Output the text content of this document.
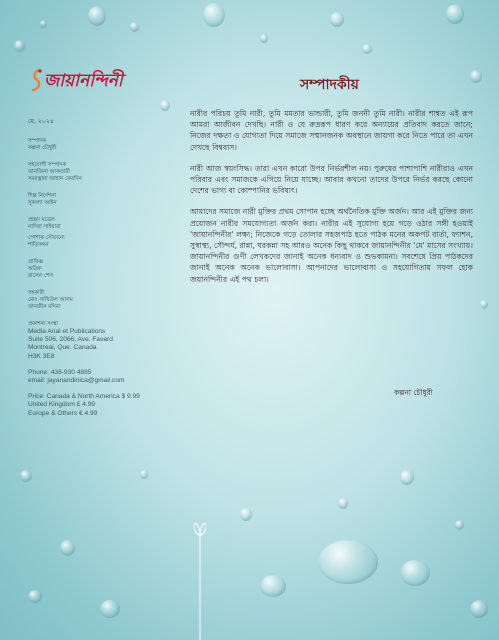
জায়ানন্দিনী
মে, ২০২৪
সম্পাদক
কল্পনা চৌধুরী
সহযোগী সম্পাদক
তানজিনা আকতারী
সবরত্নারা জাহান ফেরদিন
শিল্প নির্দেশনা
সুকল্যা আইন
প্রচ্ছদ মডেল
নাদিরা সাইয়ারা
পোশাক সৌজন্যে
শাড়িকথন
গ্রাফিক্স
অদ্রিক
রাসেল শেখ
সহকারী
মোঃ সাখিউল আলম
তানজীন মদিনা
প্রকাশনা সংস্থা
Media Arial et Publications
Suite 506, 2066, Ave. Favard
Montreal, Que. Canada
H3K 3E8
Phone: 438-930 4885
email: jayanandinica@gmail.com
Price: Canada & North America $ 9.99
United Kingdom £ 4.99
Europe & Others € 4.99
সম্পাদকীয়

নারীর পরিচয় তুমি নারী, তুমি মমতার ভান্ডারী, তুমি জননী তুমি নারী। নারীর শাশ্বত এই রূপ আমরা আজীবন দেখছি। নারী ও যে রুদ্ররূপ ধারণ করে অন্যায়ের প্রতিবাদ করতে জানে; নিজের দক্ষতা ও যোগ্যতা দিয়ে সমাজে সম্মানজনক অবস্থানে জায়গা করে নিতে পারে তা এখন দেখছে বিশ্ববাস।

নারী আজ স্বয়ংসিদ্ধ। তারা এখন কারো উপর নির্ভরশীল নয়। পুরুষের পাশাপাশি নারীরাও এখন পরিবার এবং সমাজকে এগিয়ে নিয়ে যাচ্ছে। আবার কখনো তাদের উপরে নির্ভর করছে কোনো দেশের ভাগ্য বা কোম্পানির ভবিষ্যৎ।

আমাদের সমাজে নারী মুক্তির প্রথম সোপান হচ্ছে অর্থনৈতিক মুক্তি অর্জন। আর এই মুক্তির জন্য প্রয়োজন নারীর সমযোগ্যতা অর্জন করা। নারীর এই সুযোগ্য হয়ে গড়ে ওঠার সঙ্গী হওয়াই 'জায়ানন্দিনীর' লক্ষ্য; নিজেকে গড়ে তোলার সহজপাঠ হতে পাঠক মনের অকপট বার্তা, ফ্যাশন, সুস্বাস্থ্য, সৌন্দর্য, রান্না, ঘরকন্না সহ আরও অনেক কিছু থাকবে জায়ানন্দিনীর 'মে' মাসের সংখ্যায়। জায়ানন্দিনীর গুণী লেখকদের জানাই অনেক ধন্যবাদ ও শুভকামনা। সবশেষে প্রিয় পাঠকদের জানাই অনেক অনেক ভালোবাসা। আপনাদের ভালোবাসা ও সহযোগিতায় সফল হোক জয়ানন্দিনীর এই পথ চলা।

কল্পনা চৌধুরী
